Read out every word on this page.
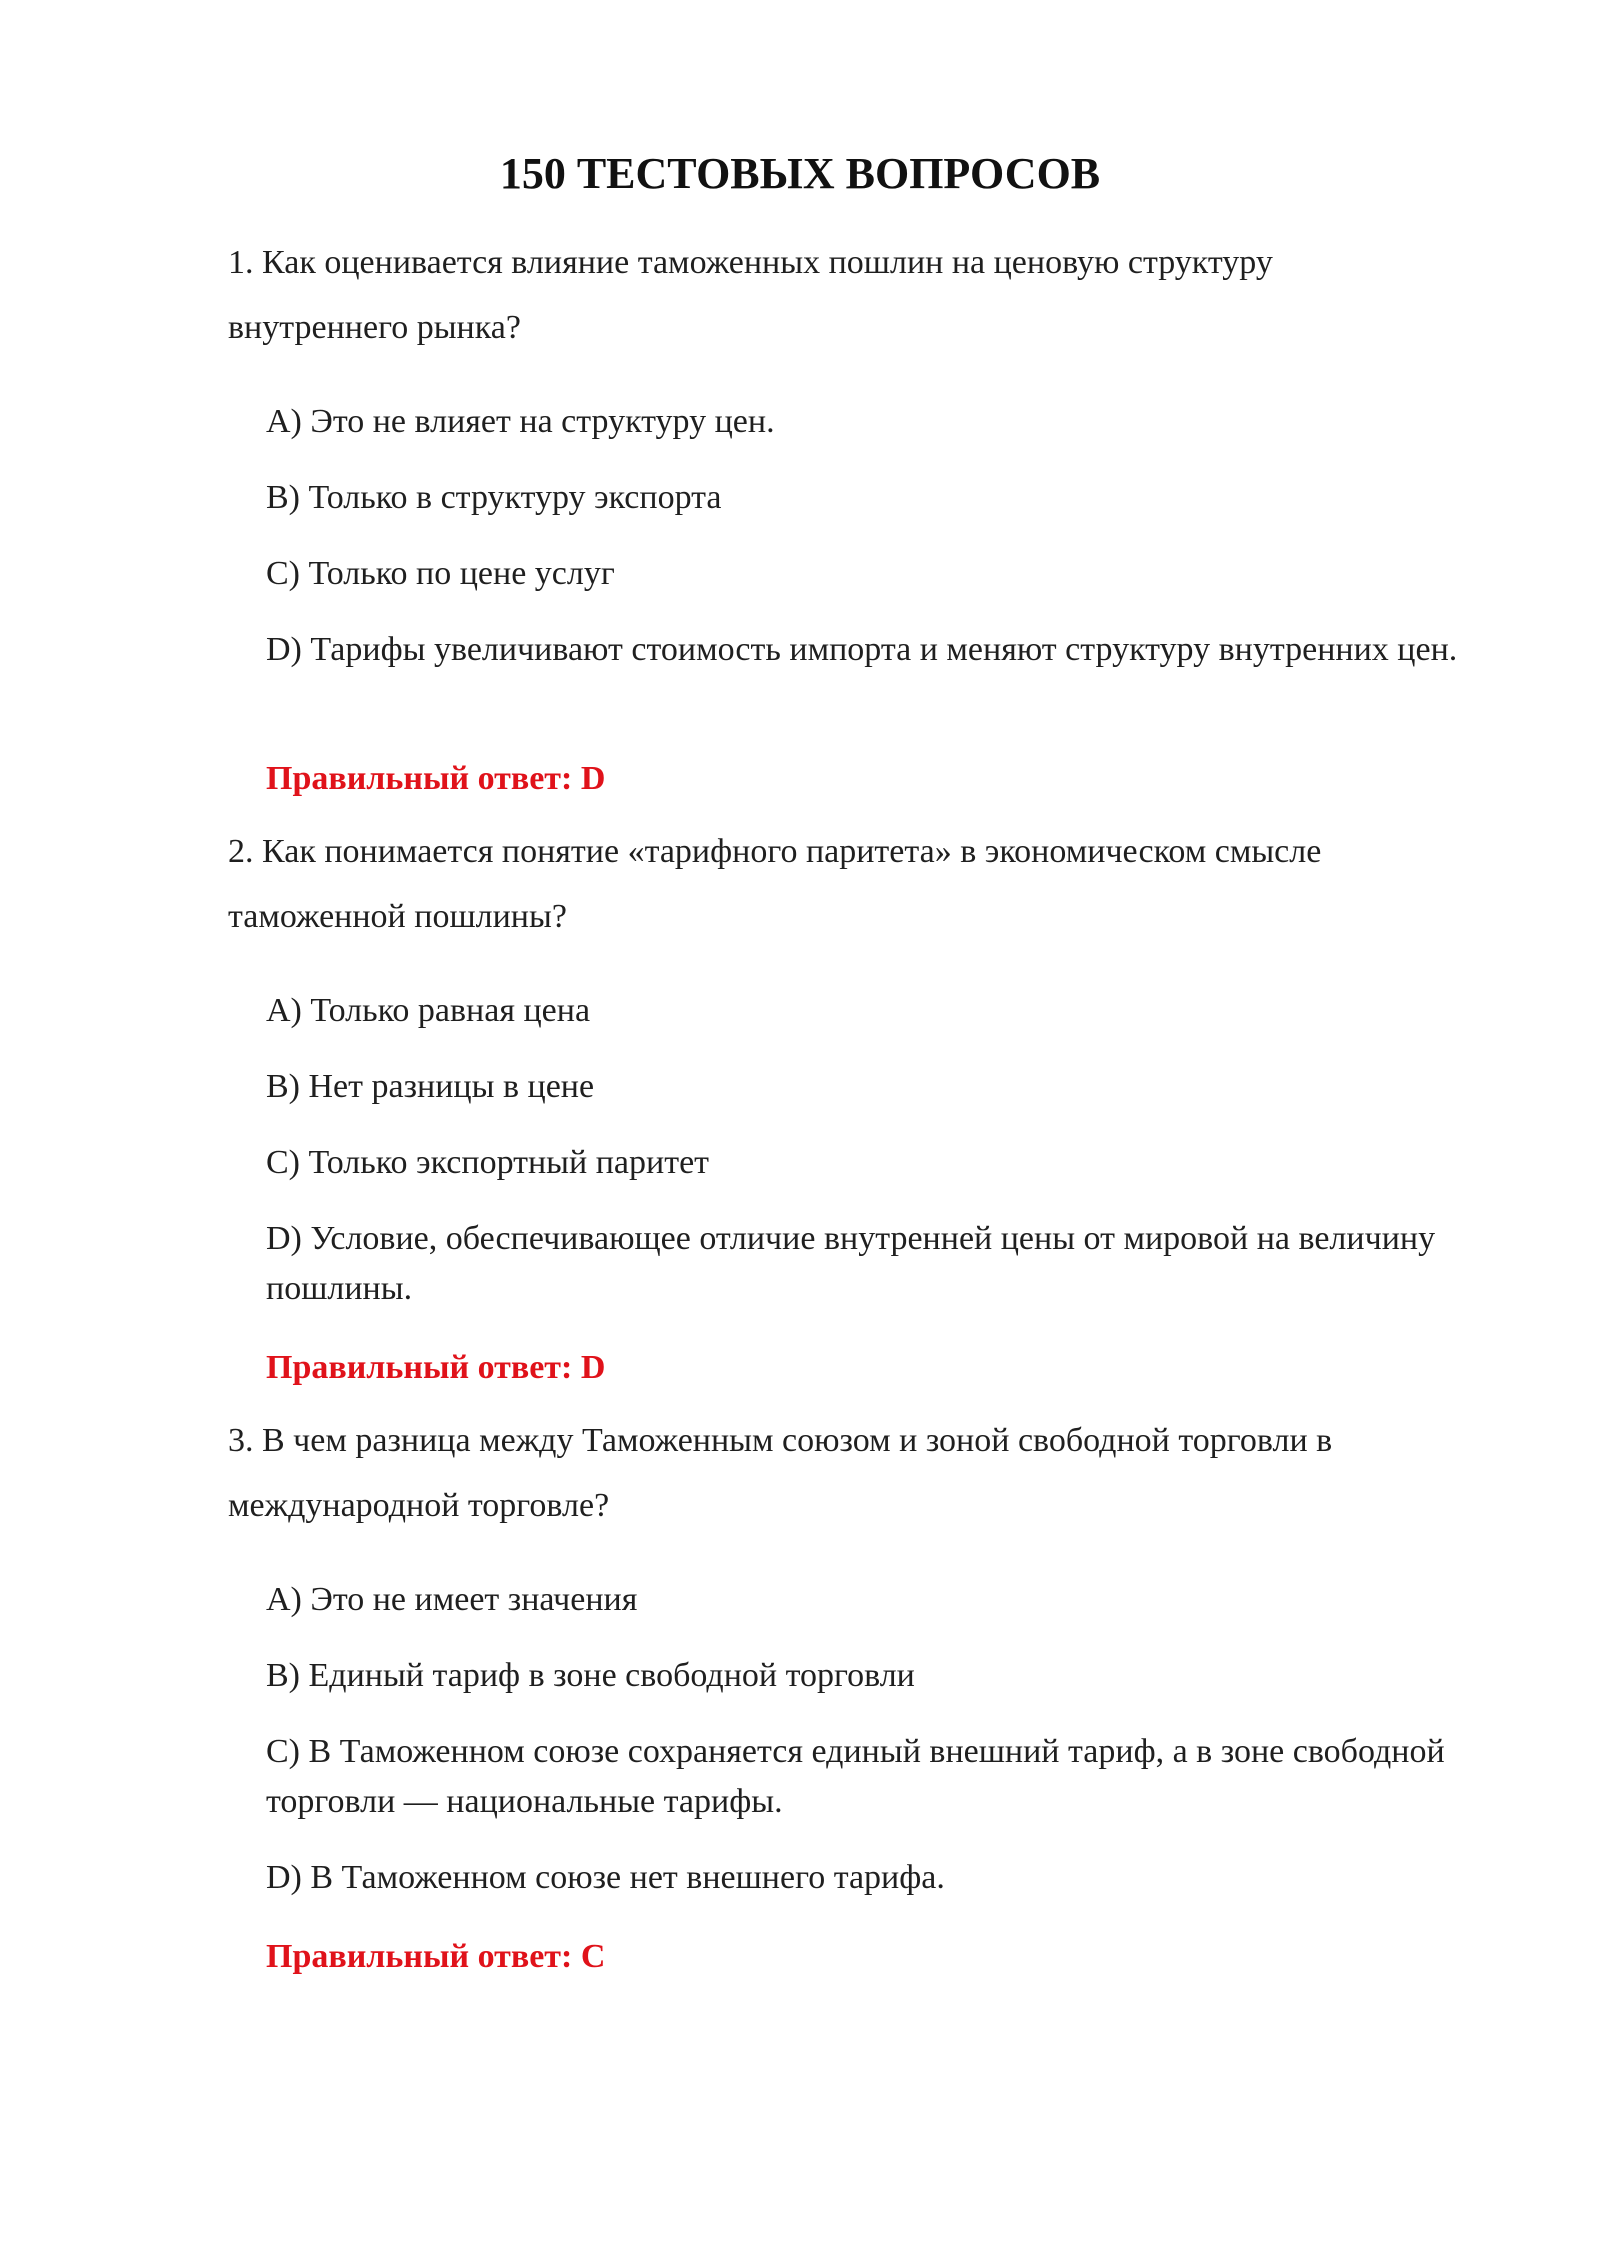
150 ТЕСТОВЫХ ВОПРОСОВ
1. Как оценивается влияние таможенных пошлин на ценовую структуру
внутреннего рынка?
A) Это не влияет на структуру цен.
B) Только в структуру экспорта
C) Только по цене услуг
D) Тарифы увеличивают стоимость импорта и меняют структуру внутренних цен.
Правильный ответ: D
2. Как понимается понятие «тарифного паритета» в экономическом смысле
таможенной пошлины?
A) Только равная цена
B) Нет разницы в цене
C) Только экспортный паритет
D) Условие, обеспечивающее отличие внутренней цены от мировой на величину пошлины.
Правильный ответ: D
3. В чем разница между Таможенным союзом и зоной свободной торговли в
международной торговле?
A) Это не имеет значения
B) Единый тариф в зоне свободной торговли
C) В Таможенном союзе сохраняется единый внешний тариф, а в зоне свободной торговли — национальные тарифы.
D) В Таможенном союзе нет внешнего тарифа.
Правильный ответ: C
